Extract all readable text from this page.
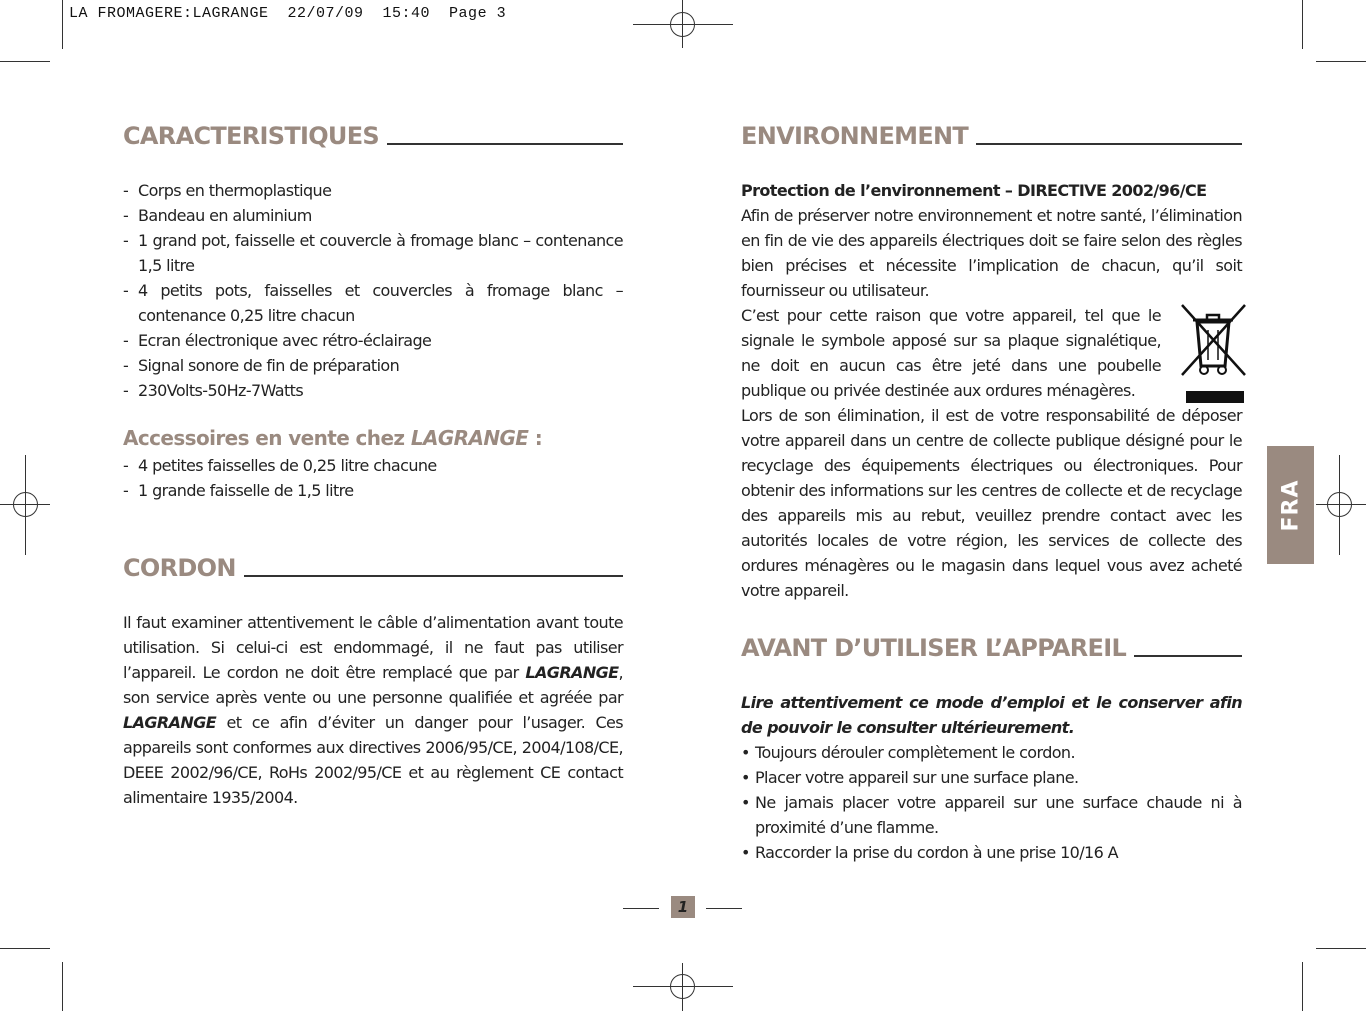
LA FROMAGERE:LAGRANGE  22/07/09  15:40  Page 3
CARACTERISTIQUES
- Corps en thermoplastique
- Bandeau en aluminium
- 1 grand pot, faisselle et couvercle à fromage blanc – contenance 1,5 litre
- 4 petits pots, faisselles et couvercles à fromage blanc – contenance 0,25 litre chacun
- Ecran électronique avec rétro-éclairage
- Signal sonore de fin de préparation
- 230Volts-50Hz-7Watts
Accessoires en vente chez LAGRANGE :
- 4 petites faisselles de 0,25 litre chacune
- 1 grande faisselle de 1,5 litre
CORDON

Il faut examiner attentivement le câble d’alimentation avant toute utilisation. Si celui-ci est endommagé, il ne faut pas utiliser l’appareil. Le cordon ne doit être remplacé que par LAGRANGE, son service après vente ou une personne qualifiée et agréée par LAGRANGE et ce afin d’éviter un danger pour l’usager. Ces appareils sont conformes aux directives 2006/95/CE, 2004/108/CE, DEEE 2002/96/CE, RoHs 2002/95/CE et au règlement CE contact alimentaire 1935/2004.

ENVIRONNEMENT
Protection de l’environnement – DIRECTIVE 2002/96/CE

Afin de préserver notre environnement et notre santé, l’élimination en fin de vie des appareils électriques doit se faire selon des règles bien précises et nécessite l’implication de chacun, qu’il soit fournisseur ou utilisateur.

C’est pour cette raison que votre appareil, tel que le signale le symbole apposé sur sa plaque signalétique, ne doit en aucun cas être jeté dans une poubelle publique ou privée destinée aux ordures ménagères.

Lors de son élimination, il est de votre responsabilité de déposer votre appareil dans un centre de collecte publique désigné pour le recyclage des équipements électriques ou électroniques. Pour obtenir des informations sur les centres de collecte et de recyclage des appareils mis au rebut, veuillez prendre contact avec les autorités locales de votre région, les services de collecte des ordures ménagères ou le magasin dans lequel vous avez acheté votre appareil.

AVANT D’UTILISER L’APPAREIL

Lire attentivement ce mode d’emploi et le conserver afin de pouvoir le consulter ultérieurement.

• Toujours dérouler complètement le cordon.
• Placer votre appareil sur une surface plane.
• Ne jamais placer votre appareil sur une surface chaude ni à proximité d’une flamme.
• Raccorder la prise du cordon à une prise 10/16 A
FRA
1
